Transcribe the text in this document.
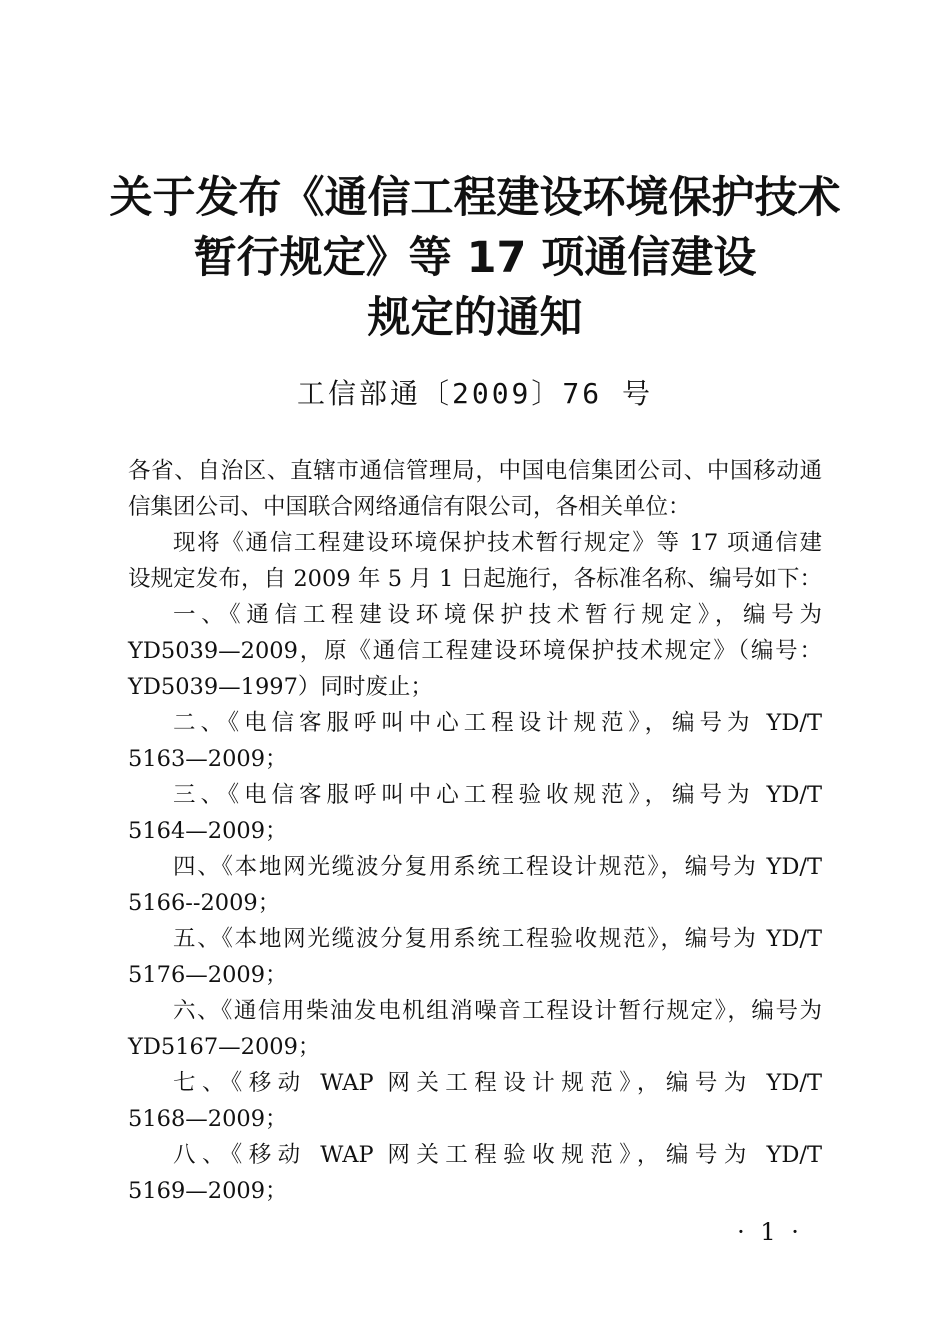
关于发布《通信工程建设环境保护技术
暂行规定》等 17 项通信建设
规定的通知
工信部通〔2009〕76 号

各省、自治区、直辖市通信管理局，中国电信集团公司、中国移动通
信集团公司、中国联合网络通信有限公司，各相关单位：

现将《通信工程建设环境保护技术暂行规定》等 17 项通信建
设规定发布，自 2009 年 5 月 1 日起施行，各标准名称、编号如下：

一、《通信工程建设环境保护技术暂行规定》，编号为
YD5039—2009，原《通信工程建设环境保护技术规定》（编号：
YD5039—1997）同时废止；

二、《电信客服呼叫中心工程设计规范》，编号为 YD/T
5163—2009；

三、《电信客服呼叫中心工程验收规范》，编号为 YD/T
5164—2009；

四、《本地网光缆波分复用系统工程设计规范》，编号为 YD/T
5166--2009；

五、《本地网光缆波分复用系统工程验收规范》，编号为 YD/T
5176—2009；

六、《通信用柴油发电机组消噪音工程设计暂行规定》，编号为
YD5167—2009；

七、《移动 WAP 网关工程设计规范》，编号为 YD/T
5168—2009；

八、《移动 WAP 网关工程验收规范》，编号为 YD/T
5169—2009；

· 1 ·
